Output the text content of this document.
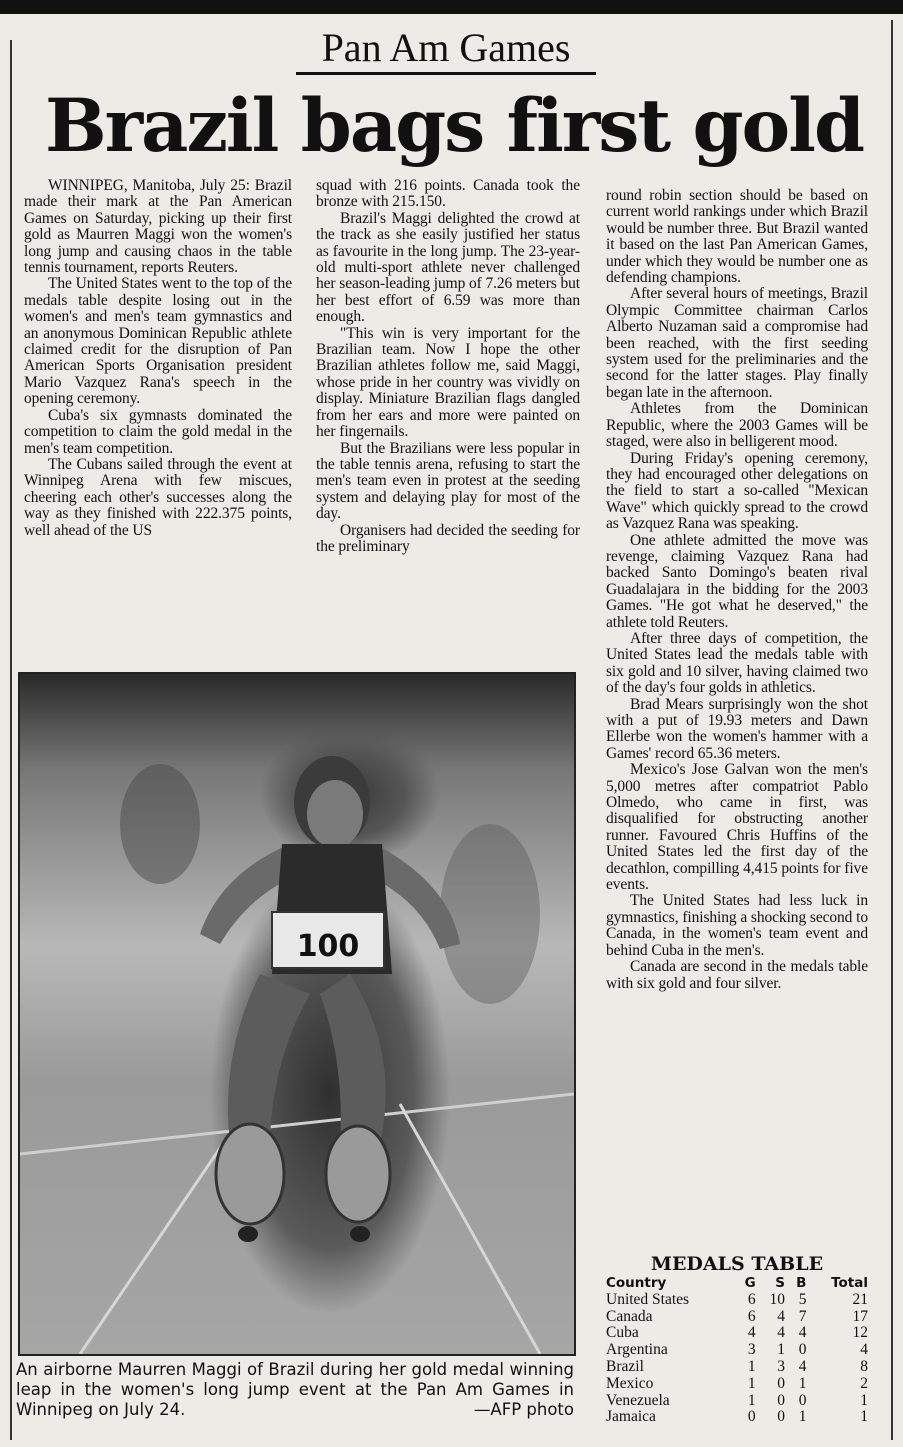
Pan Am Games
Brazil bags first gold

WINNIPEG, Manitoba, July 25: Brazil made their mark at the Pan American Games on Saturday, picking up their first gold as Maurren Maggi won the women's long jump and causing chaos in the table tennis tournament, reports Reuters.

The United States went to the top of the medals table despite losing out in the women's and men's team gymnastics and an anonymous Dominican Republic athlete claimed credit for the disruption of Pan American Sports Organisation president Mario Vazquez Rana's speech in the opening ceremony.

Cuba's six gymnasts dominated the competition to claim the gold medal in the men's team competition.

The Cubans sailed through the event at Winnipeg Arena with few miscues, cheering each other's successes along the way as they finished with 222.375 points, well ahead of the US

squad with 216 points. Canada took the bronze with 215.150.

Brazil's Maggi delighted the crowd at the track as she easily justified her status as favourite in the long jump. The 23-year-old multi-sport athlete never challenged her season-leading jump of 7.26 meters but her best effort of 6.59 was more than enough.

"This win is very important for the Brazilian team. Now I hope the other Brazilian athletes follow me, said Maggi, whose pride in her country was vividly on display. Miniature Brazilian flags dangled from her ears and more were painted on her fingernails.

But the Brazilians were less popular in the table tennis arena, refusing to start the men's team even in protest at the seeding system and delaying play for most of the day.

Organisers had decided the seeding for the preliminary

round robin section should be based on current world rankings under which Brazil would be number three. But Brazil wanted it based on the last Pan American Games, under which they would be number one as defending champions.

After several hours of meetings, Brazil Olympic Committee chairman Carlos Alberto Nuzaman said a compromise had been reached, with the first seeding system used for the preliminaries and the second for the latter stages. Play finally began late in the afternoon.

Athletes from the Dominican Republic, where the 2003 Games will be staged, were also in belligerent mood.

During Friday's opening ceremony, they had encouraged other delegations on the field to start a so-called "Mexican Wave" which quickly spread to the crowd as Vazquez Rana was speaking.

One athlete admitted the move was revenge, claiming Vazquez Rana had backed Santo Domingo's beaten rival Guadalajara in the bidding for the 2003 Games. "He got what he deserved," the athlete told Reuters.

After three days of competition, the United States lead the medals table with six gold and 10 silver, having claimed two of the day's four golds in athletics.

Brad Mears surprisingly won the shot with a put of 19.93 meters and Dawn Ellerbe won the women's hammer with a Games' record 65.36 meters.

Mexico's Jose Galvan won the men's 5,000 metres after compatriot Pablo Olmedo, who came in first, was disqualified for obstructing another runner. Favoured Chris Huffins of the United States led the first day of the decathlon, compilling 4,415 points for five events.

The United States had less luck in gymnastics, finishing a shocking second to Canada, in the women's team event and behind Cuba in the men's.

Canada are second in the medals table with six gold and four silver.

100
An airborne Maurren Maggi of Brazil during her gold medal winning leap in the women's long jump event at the Pan Am Games in Winnipeg on July 24.	—AFP photo
MEDALS TABLE
Country	G	S	B	Total
United States	6	10	5	21
Canada	6	4	7	17
Cuba	4	4	4	12
Argentina	3	1	0	4
Brazil	1	3	4	8
Mexico	1	0	1	2
Venezuela	1	0	0	1
Jamaica	0	0	1	1
